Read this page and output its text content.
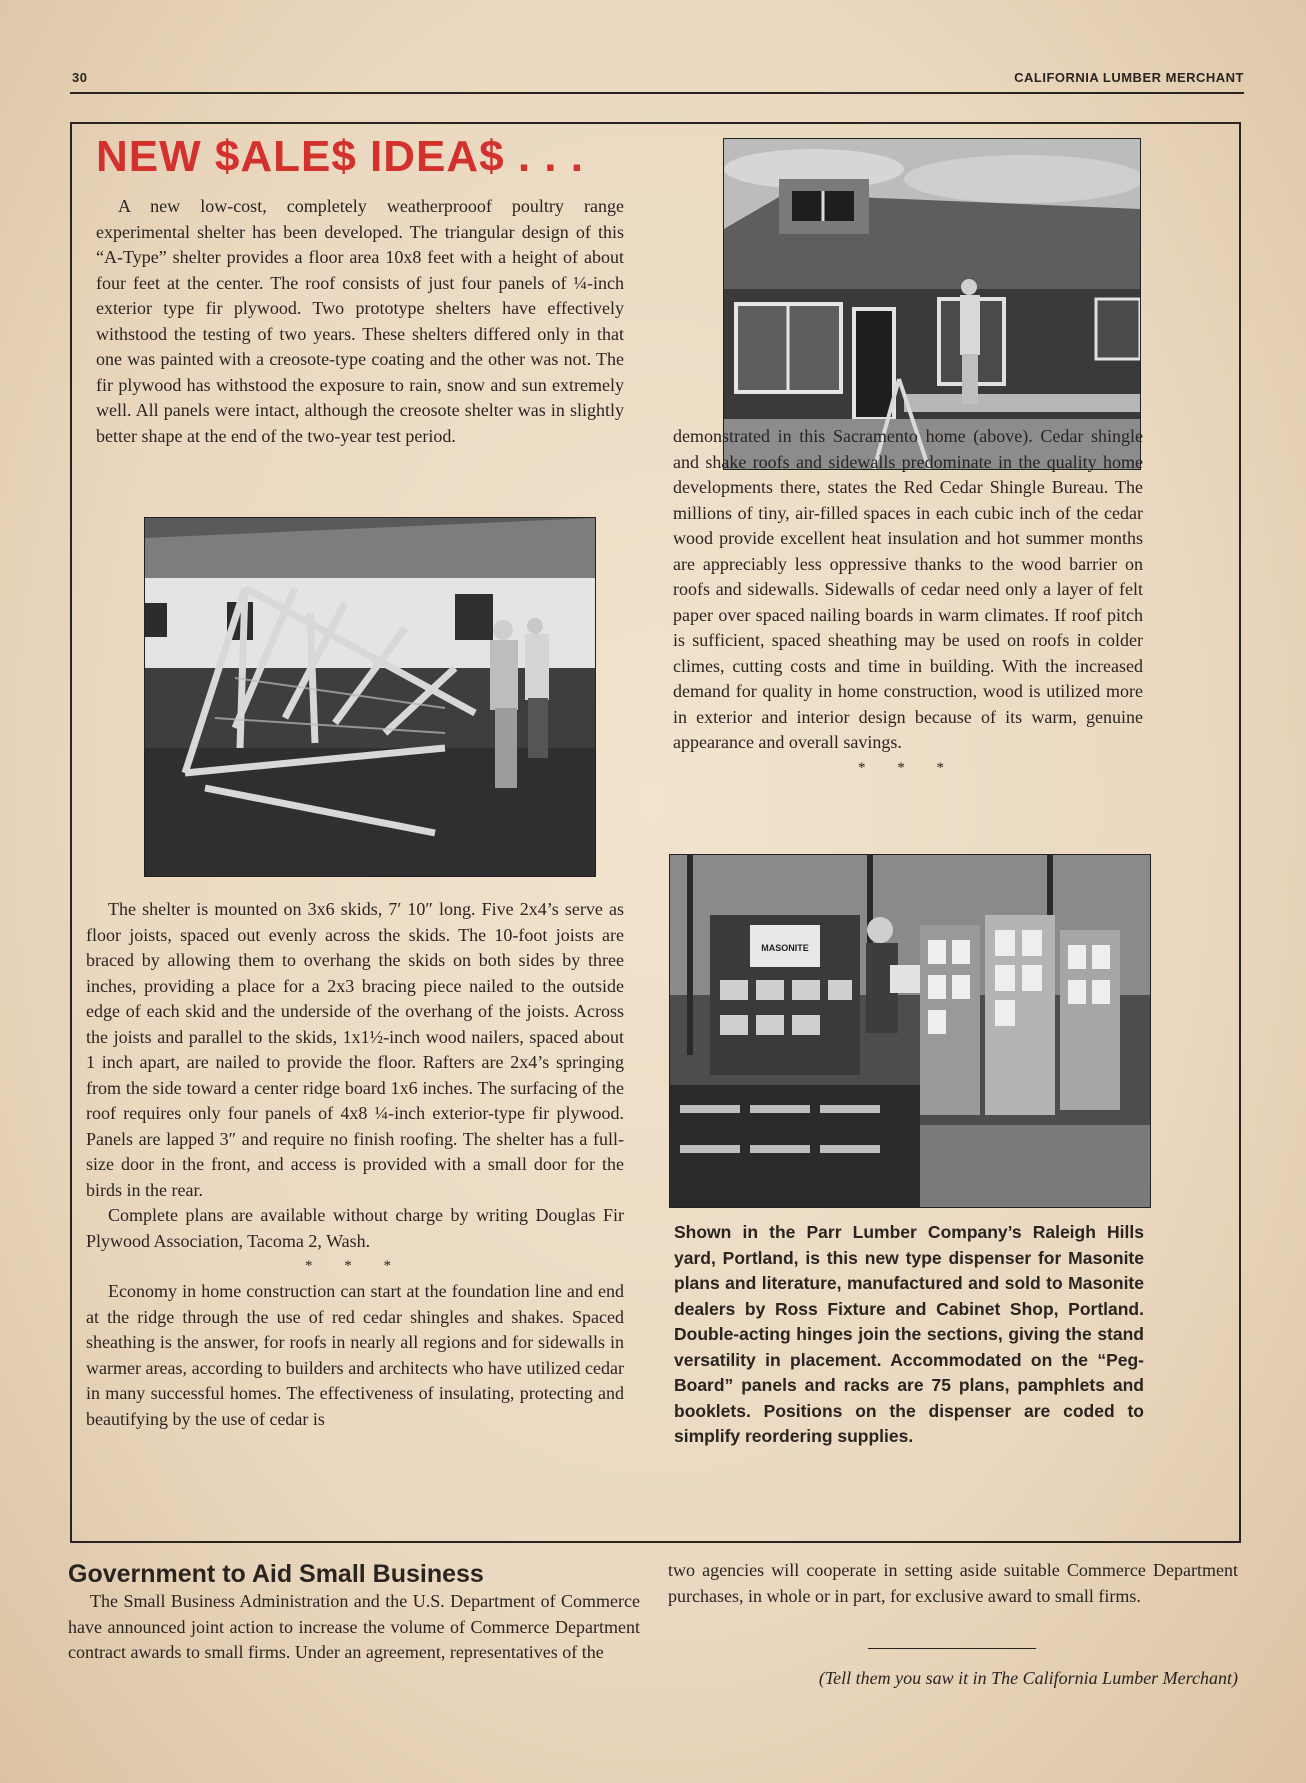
30	CALIFORNIA LUMBER MERCHANT
NEW $ALE$ IDEA$ . . .

A new low-cost, completely weatherprooof poultry range experimental shelter has been developed. The triangular design of this “A-Type” shelter provides a floor area 10x8 feet with a height of about four feet at the center. The roof consists of just four panels of ¼-inch exterior type fir plywood. Two prototype shelters have effectively withstood the testing of two years. These shelters differed only in that one was painted with a creosote-type coating and the other was not. The fir plywood has withstood the exposure to rain, snow and sun extremely well. All panels were intact, although the creosote shelter was in slightly better shape at the end of the two-year test period.

The shelter is mounted on 3x6 skids, 7′ 10″ long. Five 2x4’s serve as floor joists, spaced out evenly across the skids. The 10-foot joists are braced by allowing them to overhang the skids on both sides by three inches, providing a place for a 2x3 bracing piece nailed to the outside edge of each skid and the underside of the overhang of the joists. Across the joists and parallel to the skids, 1x1½-inch wood nailers, spaced about 1 inch apart, are nailed to provide the floor. Rafters are 2x4’s springing from the side toward a center ridge board 1x6 inches. The surfacing of the roof requires only four panels of 4x8 ¼-inch exterior-type fir plywood. Panels are lapped 3″ and require no finish roofing. The shelter has a full-size door in the front, and access is provided with a small door for the birds in the rear.

Complete plans are available without charge by writing Douglas Fir Plywood Association, Tacoma 2, Wash.

* * *

Economy in home construction can start at the foundation line and end at the ridge through the use of red cedar shingles and shakes. Spaced sheathing is the answer, for roofs in nearly all regions and for sidewalls in warmer areas, according to builders and architects who have utilized cedar in many successful homes. The effectiveness of insulating, protecting and beautifying by the use of cedar is

demonstrated in this Sacramento home (above). Cedar shingle and shake roofs and sidewalls predominate in the quality home developments there, states the Red Cedar Shingle Bureau. The millions of tiny, air-filled spaces in each cubic inch of the cedar wood provide excellent heat insulation and hot summer months are appreciably less oppressive thanks to the wood barrier on roofs and sidewalls. Sidewalls of cedar need only a layer of felt paper over spaced nailing boards in warm climates. If roof pitch is sufficient, spaced sheathing may be used on roofs in colder climes, cutting costs and time in building. With the increased demand for quality in home construction, wood is utilized more in exterior and interior design because of its warm, genuine appearance and overall savings.

* * *
MASONITE
Shown in the Parr Lumber Company’s Raleigh Hills yard, Portland, is this new type dispenser for Masonite plans and literature, manufactured and sold to Masonite dealers by Ross Fixture and Cabinet Shop, Portland. Double-acting hinges join the sections, giving the stand versatility in placement. Accommodated on the “Peg-Board” panels and racks are 75 plans, pamphlets and booklets. Positions on the dispenser are coded to simplify reordering supplies.
Government to Aid Small Business

The Small Business Administration and the U.S. Department of Commerce have announced joint action to increase the volume of Commerce Department contract awards to small firms. Under an agreement, representatives of the

two agencies will cooperate in setting aside suitable Commerce Department purchases, in whole or in part, for exclusive award to small firms.

(Tell them you saw it in The California Lumber Merchant)
